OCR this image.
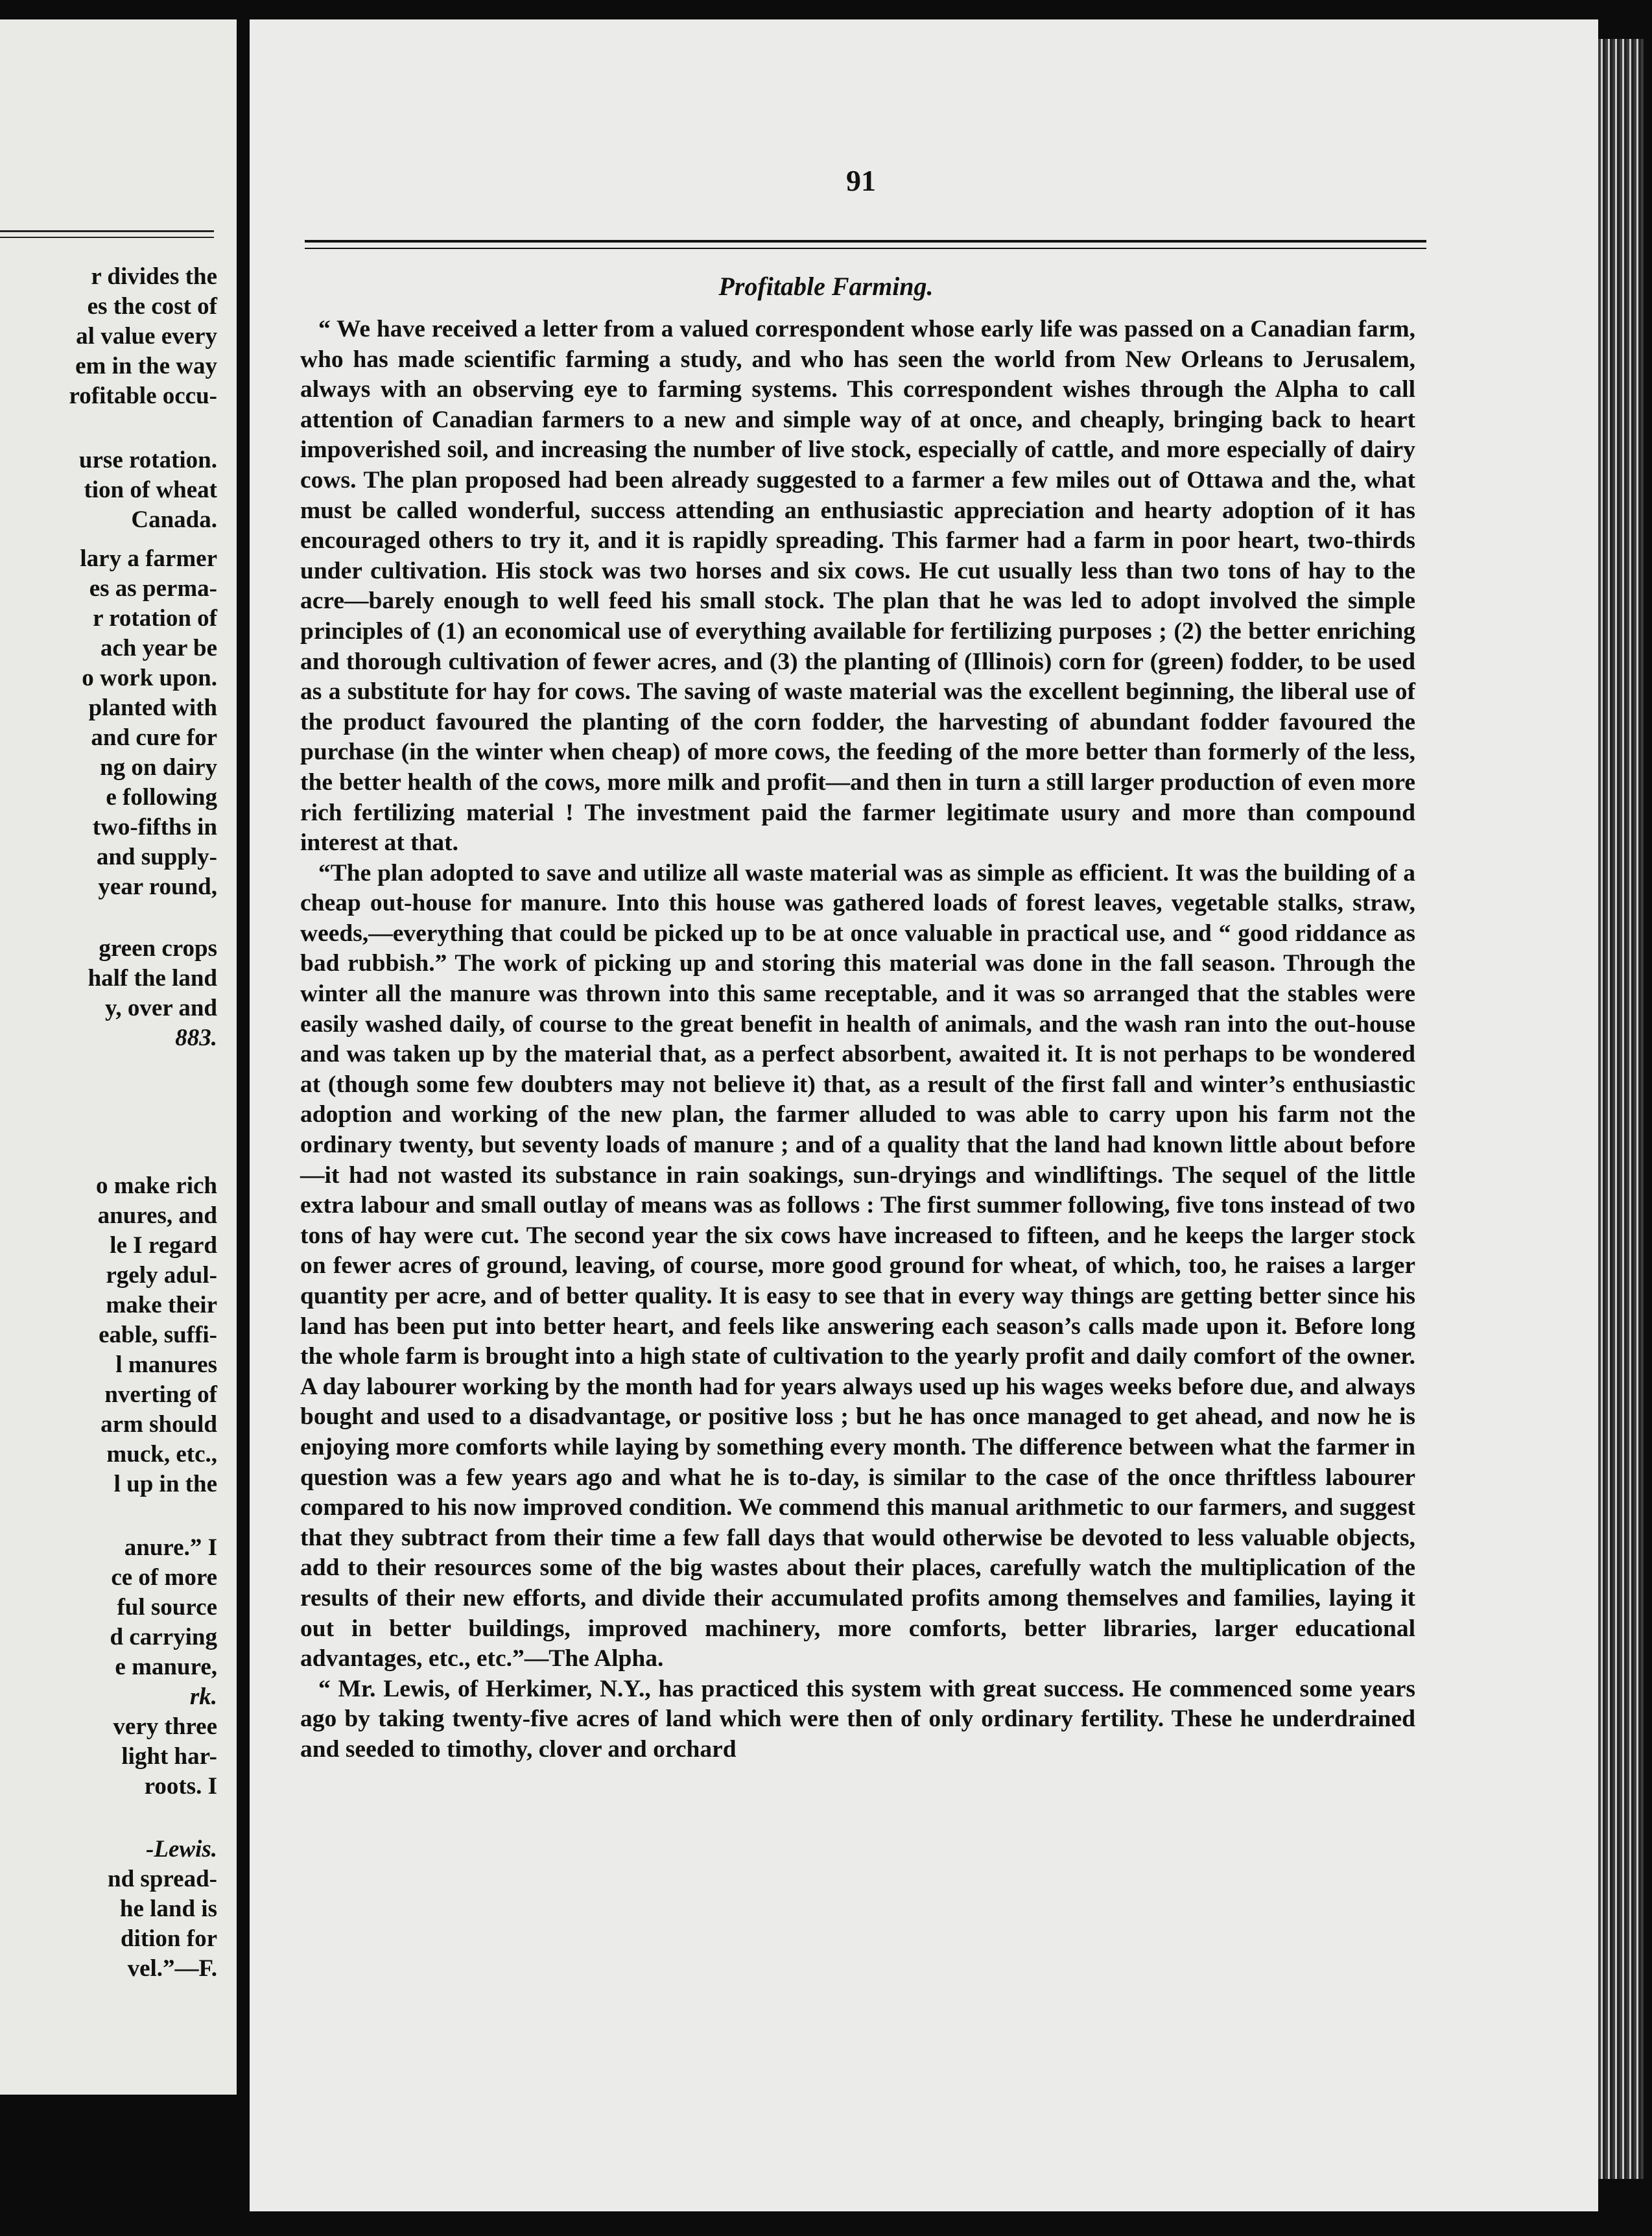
r divides the
es the cost of
al value every
em in the way
rofitable occu-
urse rotation.
tion of wheat
Canada.
lary a farmer
es as perma-
r rotation of
ach year be
o work upon.
planted with
and cure for
ng on dairy
e following
two-fifths in
and supply-
year round,
green crops
half the land
y, over and
883.
o make rich
anures, and
le I regard
rgely adul-
make their
eable, suffi-
l manures
nverting of
arm should
muck, etc.,
l up in the
anure.” I
ce of more
ful source
d carrying
e manure,
rk.
very three
light har-
roots. I
-Lewis.
nd spread-
he land is
dition for
vel.”—F.
91
Profitable Farming.

“ We have received a letter from a valued correspondent whose early life was passed on a Canadian farm, who has made scientific farming a study, and who has seen the world from New Orleans to Jerusalem, always with an observing eye to farming systems. This correspondent wishes through the Alpha to call attention of Canadian farmers to a new and simple way of at once, and cheaply, bringing back to heart impoverished soil, and increasing the number of live stock, especially of cattle, and more especially of dairy cows. The plan proposed had been already suggested to a farmer a few miles out of Ottawa and the, what must be called wonderful, success attending an enthusiastic appreciation and hearty adoption of it has encouraged others to try it, and it is rapidly spreading. This farmer had a farm in poor heart, two-thirds under cultivation. His stock was two horses and six cows. He cut usually less than two tons of hay to the acre—barely enough to well feed his small stock. The plan that he was led to adopt involved the simple principles of (1) an economical use of everything available for fertilizing purposes ; (2) the better enriching and thorough cultivation of fewer acres, and (3) the planting of (Illinois) corn for (green) fodder, to be used as a substitute for hay for cows. The saving of waste material was the excellent beginning, the liberal use of the product favoured the planting of the corn fodder, the harvesting of abundant fodder favoured the purchase (in the winter when cheap) of more cows, the feeding of the more better than formerly of the less, the better health of the cows, more milk and profit—and then in turn a still larger production of even more rich fertilizing material ! The investment paid the farmer legitimate usury and more than compound interest at that.

“The plan adopted to save and utilize all waste material was as simple as efficient. It was the building of a cheap out-house for manure. Into this house was gathered loads of forest leaves, vegetable stalks, straw, weeds,—everything that could be picked up to be at once valuable in practical use, and “ good riddance as bad rubbish.” The work of picking up and storing this material was done in the fall season. Through the winter all the manure was thrown into this same receptable, and it was so arranged that the stables were easily washed daily, of course to the great benefit in health of animals, and the wash ran into the out-house and was taken up by the material that, as a perfect absorbent, awaited it. It is not perhaps to be wondered at (though some few doubters may not believe it) that, as a result of the first fall and winter’s enthusiastic adoption and working of the new plan, the farmer alluded to was able to carry upon his farm not the ordinary twenty, but seventy loads of manure ; and of a quality that the land had known little about before—it had not wasted its substance in rain soakings, sun-dryings and windliftings. The sequel of the little extra labour and small outlay of means was as follows : The first summer following, five tons instead of two tons of hay were cut. The second year the six cows have increased to fifteen, and he keeps the larger stock on fewer acres of ground, leaving, of course, more good ground for wheat, of which, too, he raises a larger quantity per acre, and of better quality. It is easy to see that in every way things are getting better since his land has been put into better heart, and feels like answering each season’s calls made upon it. Before long the whole farm is brought into a high state of cultivation to the yearly profit and daily comfort of the owner. A day labourer working by the month had for years always used up his wages weeks before due, and always bought and used to a disadvantage, or positive loss ; but he has once managed to get ahead, and now he is enjoying more comforts while laying by something every month. The difference between what the farmer in question was a few years ago and what he is to-day, is similar to the case of the once thriftless labourer compared to his now improved condition. We commend this manual arithmetic to our farmers, and suggest that they subtract from their time a few fall days that would otherwise be devoted to less valuable objects, add to their resources some of the big wastes about their places, carefully watch the multiplication of the results of their new efforts, and divide their accumulated profits among themselves and families, laying it out in better buildings, improved machinery, more comforts, better libraries, larger educational advantages, etc., etc.”—The Alpha.

“ Mr. Lewis, of Herkimer, N.Y., has practiced this system with great success. He commenced some years ago by taking twenty-five acres of land which were then of only ordinary fertility. These he underdrained and seeded to timothy, clover and orchard
